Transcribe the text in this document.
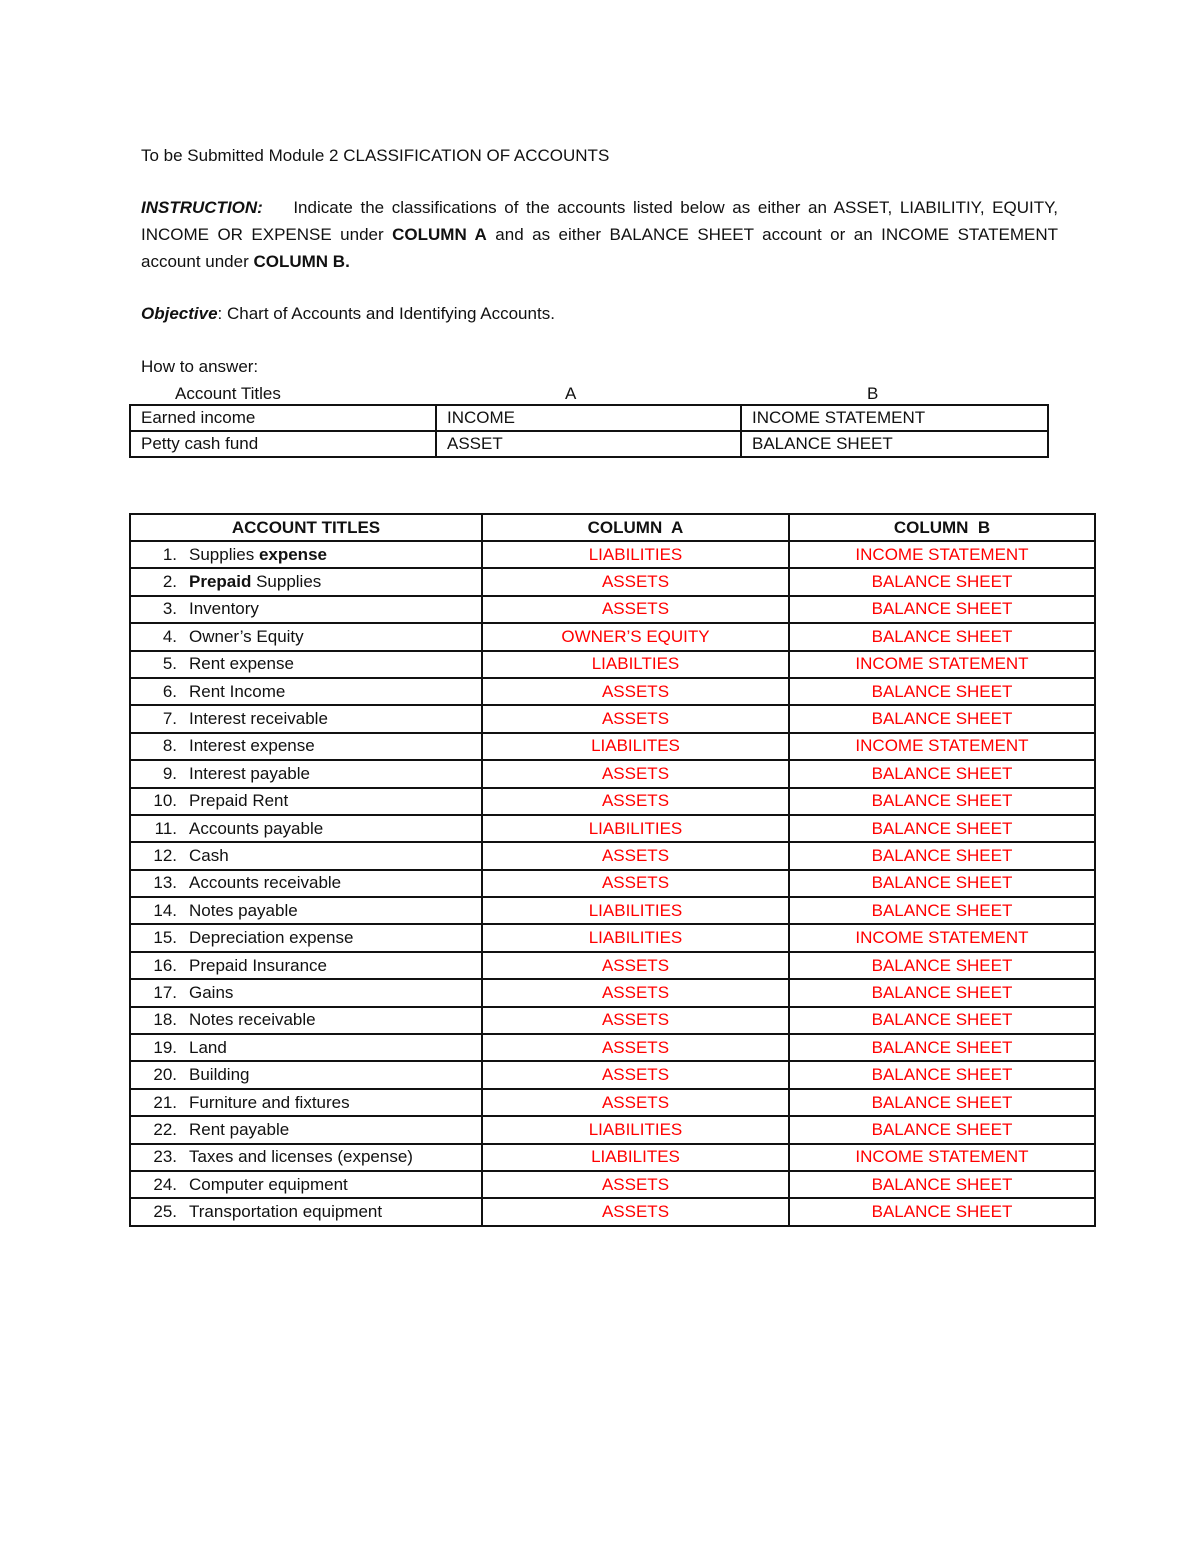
To be Submitted Module 2 CLASSIFICATION OF ACCOUNTS
INSTRUCTION: Indicate the classifications of the accounts listed below as either an ASSET, LIABILITIY, EQUITY, INCOME OR EXPENSE under COLUMN A and as either BALANCE SHEET account or an INCOME STATEMENT account under COLUMN B.
Objective: Chart of Accounts and Identifying Accounts.
How to answer:
Account Titles	A	B
Earned income	INCOME	INCOME STATEMENT
Petty cash fund	ASSET	BALANCE SHEET
ACCOUNT TITLES	COLUMN  A	COLUMN  B
1. Supplies expense	LIABILITIES	INCOME STATEMENT
2. Prepaid Supplies	ASSETS	BALANCE SHEET
3. Inventory	ASSETS	BALANCE SHEET
4. Owner’s Equity	OWNER’S EQUITY	BALANCE SHEET
5. Rent expense	LIABILTIES	INCOME STATEMENT
6. Rent Income	ASSETS	BALANCE SHEET
7. Interest receivable	ASSETS	BALANCE SHEET
8. Interest expense	LIABILITES	INCOME STATEMENT
9. Interest payable	ASSETS	BALANCE SHEET
10. Prepaid Rent	ASSETS	BALANCE SHEET
11. Accounts payable	LIABILITIES	BALANCE SHEET
12. Cash	ASSETS	BALANCE SHEET
13. Accounts receivable	ASSETS	BALANCE SHEET
14. Notes payable	LIABILITIES	BALANCE SHEET
15. Depreciation expense	LIABILITIES	INCOME STATEMENT
16. Prepaid Insurance	ASSETS	BALANCE SHEET
17. Gains	ASSETS	BALANCE SHEET
18. Notes receivable	ASSETS	BALANCE SHEET
19. Land	ASSETS	BALANCE SHEET
20. Building	ASSETS	BALANCE SHEET
21. Furniture and fixtures	ASSETS	BALANCE SHEET
22. Rent payable	LIABILITIES	BALANCE SHEET
23. Taxes and licenses (expense)	LIABILITES	INCOME STATEMENT
24. Computer equipment	ASSETS	BALANCE SHEET
25. Transportation equipment	ASSETS	BALANCE SHEET
